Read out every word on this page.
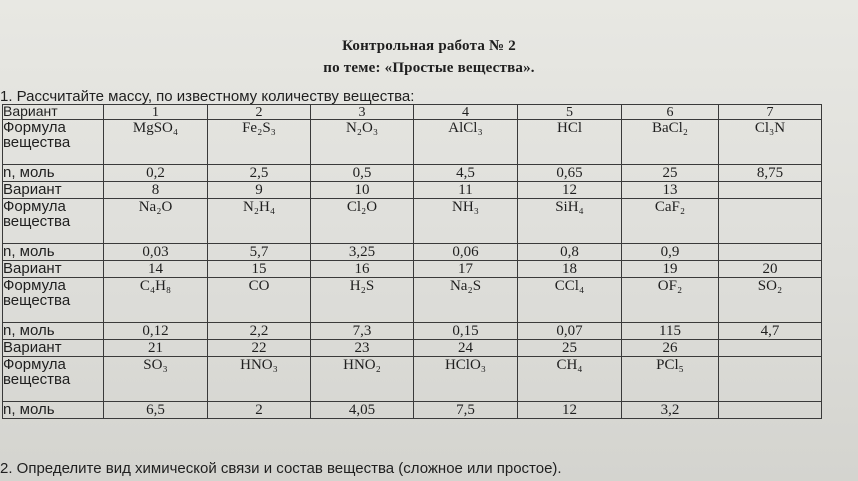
Контрольная работа № 2
по теме: «Простые вещества».
1. Рассчитайте массу, по известному количеству вещества:
Вариант	1	2	3	4	5	6	7

Формула вещества	MgSO₄	Fe₂S₃	N₂O₃	AlCl₃	HCl	BaCl₂	Cl₃N

n, моль	0,2	2,5	0,5	4,5	0,65	25	8,75

Вариант	8	9	10	11	12	13	

Формула вещества	Na₂O	N₂H₄	Cl₂O	NH₃	SiH₄	CaF₂	

n, моль	0,03	5,7	3,25	0,06	0,8	0,9	

Вариант	14	15	16	17	18	19	20

Формула вещества	C₄H₈	CO	H₂S	Na₂S	CCl₄	OF₂	SO₂

n, моль	0,12	2,2	7,3	0,15	0,07	115	4,7

Вариант	21	22	23	24	25	26	

Формула вещества	SO₃	HNO₃	HNO₂	HClO₃	CH₄	PCl₅	

n, моль	6,5	2	4,05	7,5	12	3,2	

2. Определите вид химической связи и состав вещества (сложное или простое).
